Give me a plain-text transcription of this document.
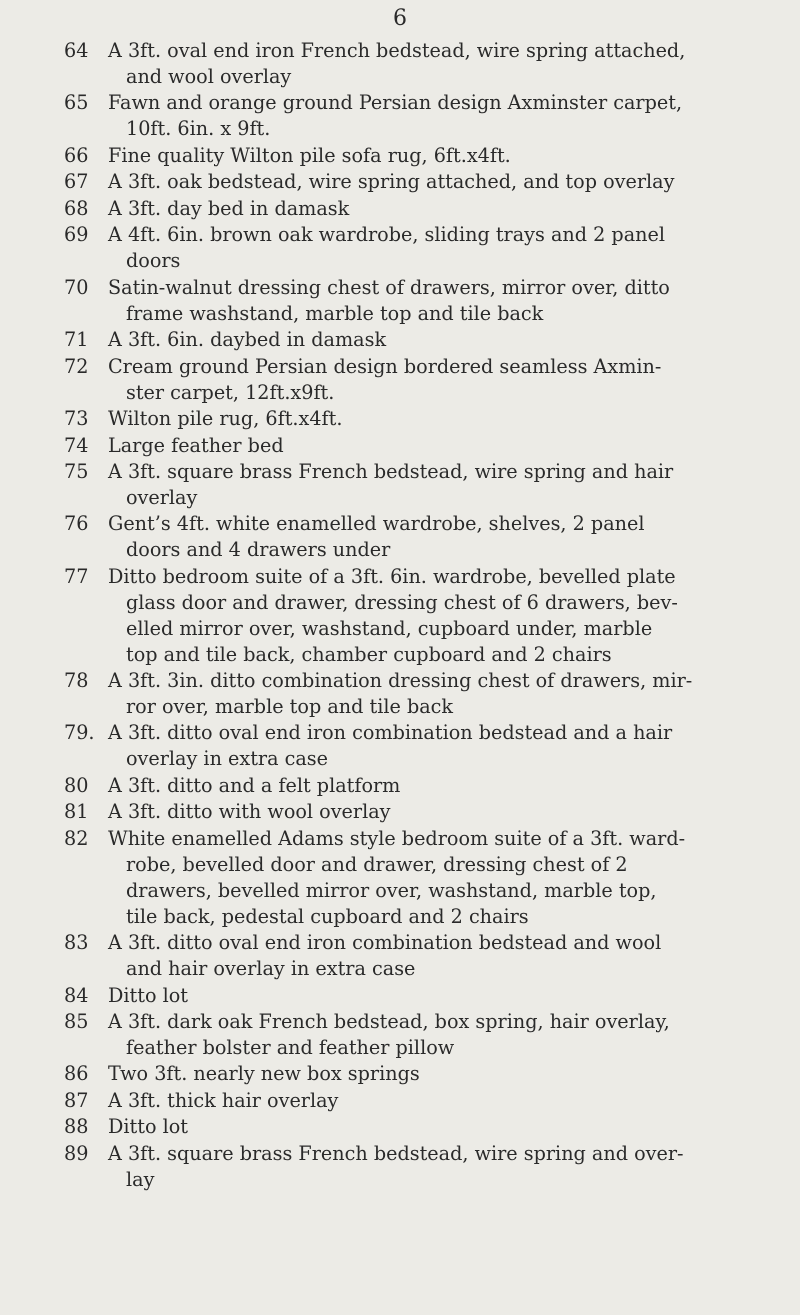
6
64	A 3ft. oval end iron French bedstead, wire spring attached,
and wool overlay
65	Fawn and orange ground Persian design Axminster carpet,
10ft. 6in. x 9ft.
66	Fine quality Wilton pile sofa rug, 6ft.x4ft.
67	A 3ft. oak bedstead, wire spring attached, and top overlay
68	A 3ft. day bed in damask
69	A 4ft. 6in. brown oak wardrobe, sliding trays and 2 panel
doors
70	Satin-walnut dressing chest of drawers, mirror over, ditto
frame washstand, marble top and tile back
71	A 3ft. 6in. daybed in damask
72	Cream ground Persian design bordered seamless Axmin-
ster carpet, 12ft.x9ft.
73	Wilton pile rug, 6ft.x4ft.
74	Large feather bed
75	A 3ft. square brass French bedstead, wire spring and hair
overlay
76	Gent’s 4ft. white enamelled wardrobe, shelves, 2 panel
doors and 4 drawers under
77	Ditto bedroom suite of a 3ft. 6in. wardrobe, bevelled plate
glass door and drawer, dressing chest of 6 drawers, bev-
elled mirror over, washstand, cupboard under, marble
top and tile back, chamber cupboard and 2 chairs
78	A 3ft. 3in. ditto combination dressing chest of drawers, mir-
ror over, marble top and tile back
79. A 3ft. ditto oval end iron combination bedstead and a hair
overlay in extra case
80	A 3ft. ditto and a felt platform
81	A 3ft. ditto with wool overlay
82	White enamelled Adams style bedroom suite of a 3ft. ward-
robe, bevelled door and drawer, dressing chest of 2
drawers, bevelled mirror over, washstand, marble top,
tile back, pedestal cupboard and 2 chairs
83	A 3ft. ditto oval end iron combination bedstead and wool
and hair overlay in extra case
84	Ditto lot
85	A 3ft. dark oak French bedstead, box spring, hair overlay,
feather bolster and feather pillow
86	Two 3ft. nearly new box springs
87	A 3ft. thick hair overlay
88	Ditto lot
89	A 3ft. square brass French bedstead, wire spring and over-
lay
